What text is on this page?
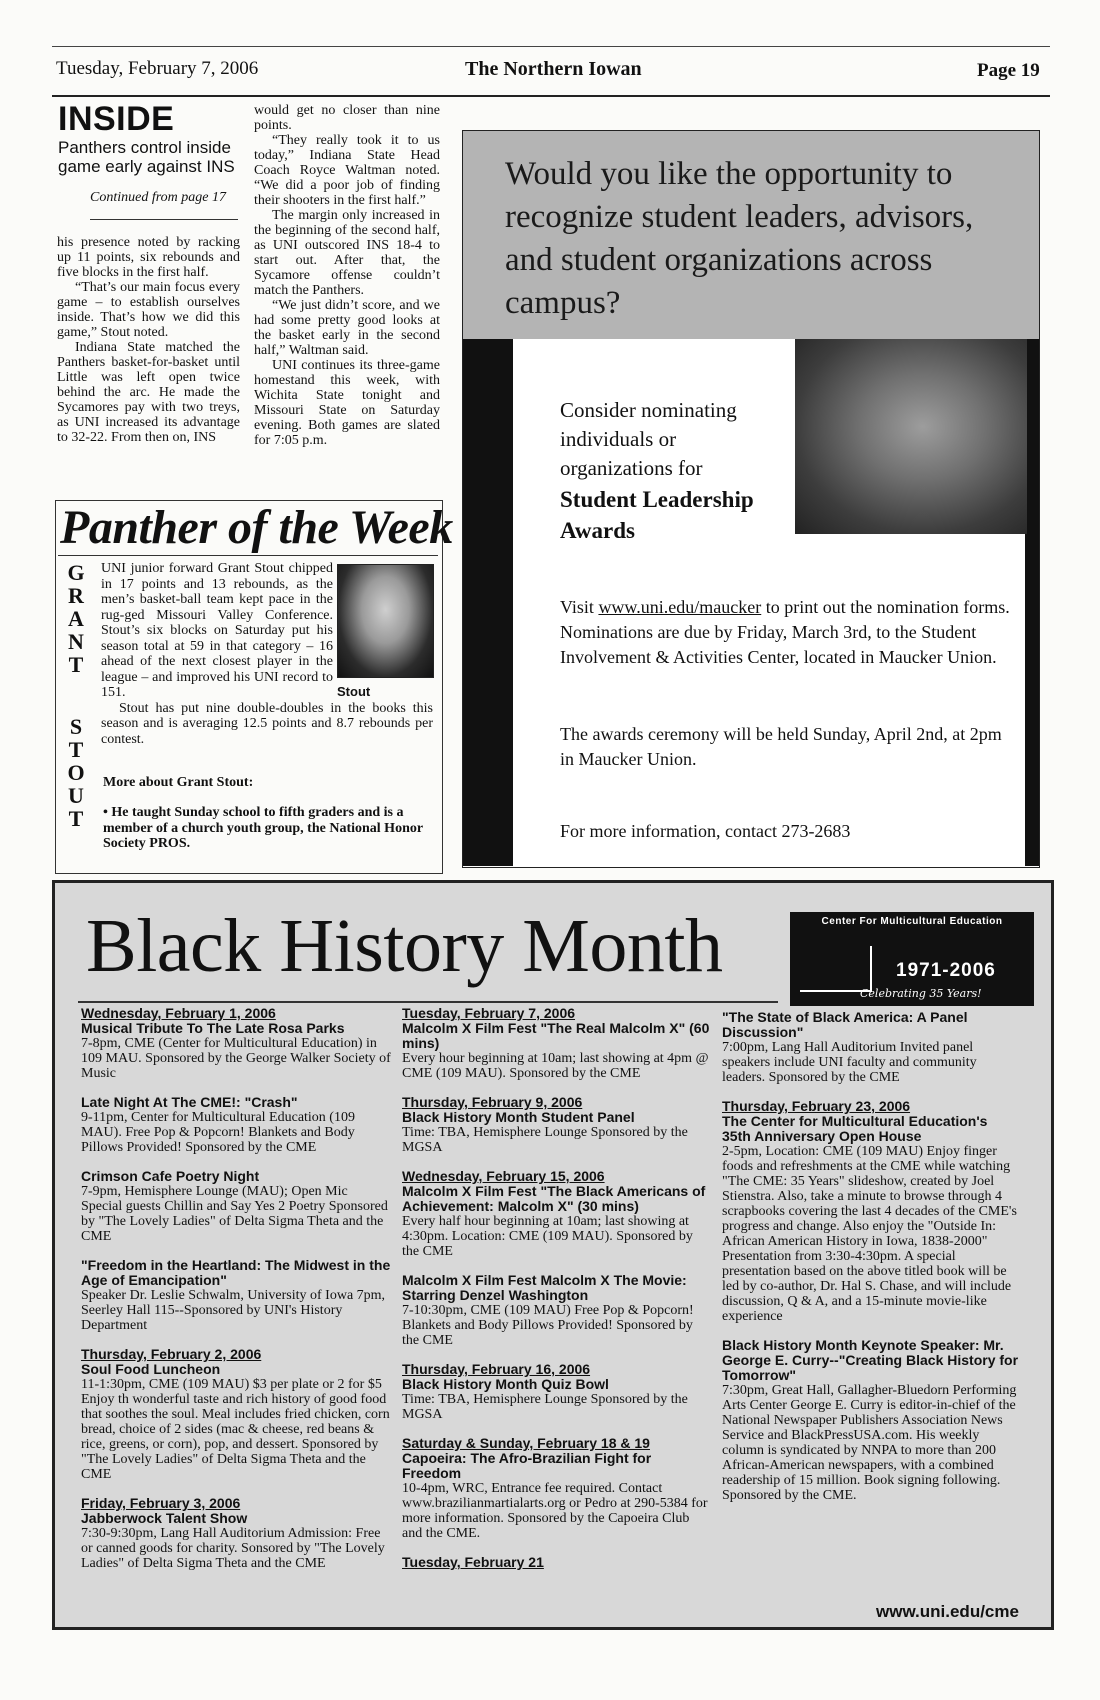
Tuesday, February 7, 2006	The Northern Iowan	Page 19
INSIDE
Panthers control inside game early against INS
Continued from page 17

his presence noted by racking up 11 points, six rebounds and five blocks in the first half.

“That’s our main focus every game – to establish ourselves inside. That’s how we did this game,” Stout noted.

Indiana State matched the Panthers basket-for-basket until Little was left open twice behind the arc. He made the Sycamores pay with two treys, as UNI increased its advantage to 32-22. From then on, INS

would get no closer than nine points.

“They really took it to us today,” Indiana State Head Coach Royce Waltman noted. “We did a poor job of finding their shooters in the first half.”

The margin only increased in the beginning of the second half, as UNI outscored INS 18-4 to start out. After that, the Sycamore offense couldn’t match the Panthers.

“We just didn’t score, and we had some pretty good looks at the basket early in the second half,” Waltman said.

UNI continues its three-game homestand this week, with Wichita State tonight and Missouri State on Saturday evening. Both games are slated for 7:05 p.m.

Panther of the Week
G
R
A
N
T
S
T
O
U
T
Stout

UNI junior forward Grant Stout chipped in 17 points and 13 rebounds, as the men’s basket-ball team kept pace in the rug-ged Missouri Valley Conference. Stout’s six blocks on Saturday put his season total at 59 in that category – 16 ahead of the next closest player in the league – and improved his UNI record to 151.

Stout has put nine double-doubles in the books this season and is averaging 12.5 points and 8.7 rebounds per contest.

More about Grant Stout:
• He taught Sunday school to fifth graders and is a member of a church youth group, the National Honor Society PROS.
Would you like the opportunity to recognize student leaders, advisors, and student organizations across campus?
Consider nominating individuals or organizations for
Student Leadership Awards
Visit www.uni.edu/maucker to print out the nomination forms. Nominations are due by Friday, March 3rd, to the Student Involvement & Activities Center, located in Maucker Union.
The awards ceremony will be held Sunday, April 2nd, at 2pm in Maucker Union.
For more information, contact 273-2683
Black History Month	Center For Multicultural Education
1971-2006
Celebrating 35 Years!
Wednesday, February 1, 2006
Musical Tribute To The Late Rosa Parks
7-8pm, CME (Center for Multicultural Education) in 109 MAU. Sponsored by the George Walker Society of Music
Late Night At The CME!: "Crash"
9-11pm, Center for Multicultural Education (109 MAU). Free Pop & Popcorn! Blankets and Body Pillows Provided! Sponsored by the CME
Crimson Cafe Poetry Night
7-9pm, Hemisphere Lounge (MAU); Open Mic Special guests Chillin and Say Yes 2 Poetry Sponsored by "The Lovely Ladies" of Delta Sigma Theta and the CME
"Freedom in the Heartland: The Midwest in the Age of Emancipation"
Speaker Dr. Leslie Schwalm, University of Iowa 7pm, Seerley Hall 115--Sponsored by UNI's History Department
Thursday, February 2, 2006
Soul Food Luncheon
11-1:30pm, CME (109 MAU) $3 per plate or 2 for $5 Enjoy th wonderful taste and rich history of good food that soothes the soul. Meal includes fried chicken, corn bread, choice of 2 sides (mac & cheese, red beans & rice, greens, or corn), pop, and dessert. Sponsored by "The Lovely Ladies" of Delta Sigma Theta and the CME
Friday, February 3, 2006
Jabberwock Talent Show
7:30-9:30pm, Lang Hall Auditorium Admission: Free or canned goods for charity. Sonsored by "The Lovely Ladies" of Delta Sigma Theta and the CME
Tuesday, February 7, 2006
Malcolm X Film Fest "The Real Malcolm X" (60 mins)
Every hour beginning at 10am; last showing at 4pm @ CME (109 MAU). Sponsored by the CME
Thursday, February 9, 2006
Black History Month Student Panel
Time: TBA, Hemisphere Lounge Sponsored by the MGSA
Wednesday, February 15, 2006
Malcolm X Film Fest "The Black Americans of Achievement: Malcolm X" (30 mins)
Every half hour beginning at 10am; last showing at 4:30pm. Location: CME (109 MAU). Sponsored by the CME
Malcolm X Film Fest Malcolm X The Movie: Starring Denzel Washington
7-10:30pm, CME (109 MAU) Free Pop & Popcorn! Blankets and Body Pillows Provided! Sponsored by the CME
Thursday, February 16, 2006
Black History Month Quiz Bowl
Time: TBA, Hemisphere Lounge Sponsored by the MGSA
Saturday & Sunday, February 18 & 19
Capoeira: The Afro-Brazilian Fight for Freedom
10-4pm, WRC, Entrance fee required. Contact www.brazilianmartialarts.org or Pedro at 290-5384 for more information. Sponsored by the Capoeira Club and the CME.
Tuesday, February 21
"The State of Black America: A Panel Discussion"
7:00pm, Lang Hall Auditorium Invited panel speakers include UNI faculty and community leaders. Sponsored by the CME
Thursday, February 23, 2006
The Center for Multicultural Education's 35th Anniversary Open House
2-5pm, Location: CME (109 MAU) Enjoy finger foods and refreshments at the CME while watching "The CME: 35 Years" slideshow, created by Joel Stienstra. Also, take a minute to browse through 4 scrapbooks covering the last 4 decades of the CME's progress and change. Also enjoy the "Outside In: African American History in Iowa, 1838-2000" Presentation from 3:30-4:30pm. A special presentation based on the above titled book will be led by co-author, Dr. Hal S. Chase, and will include discussion, Q & A, and a 15-minute movie-like experience
Black History Month Keynote Speaker: Mr. George E. Curry--"Creating Black History for Tomorrow"
7:30pm, Great Hall, Gallagher-Bluedorn Performing Arts Center George E. Curry is editor-in-chief of the National Newspaper Publishers Association News Service and BlackPressUSA.com. His weekly column is syndicated by NNPA to more than 200 African-American newspapers, with a combined readership of 15 million. Book signing following. Sponsored by the CME.
www.uni.edu/cme
